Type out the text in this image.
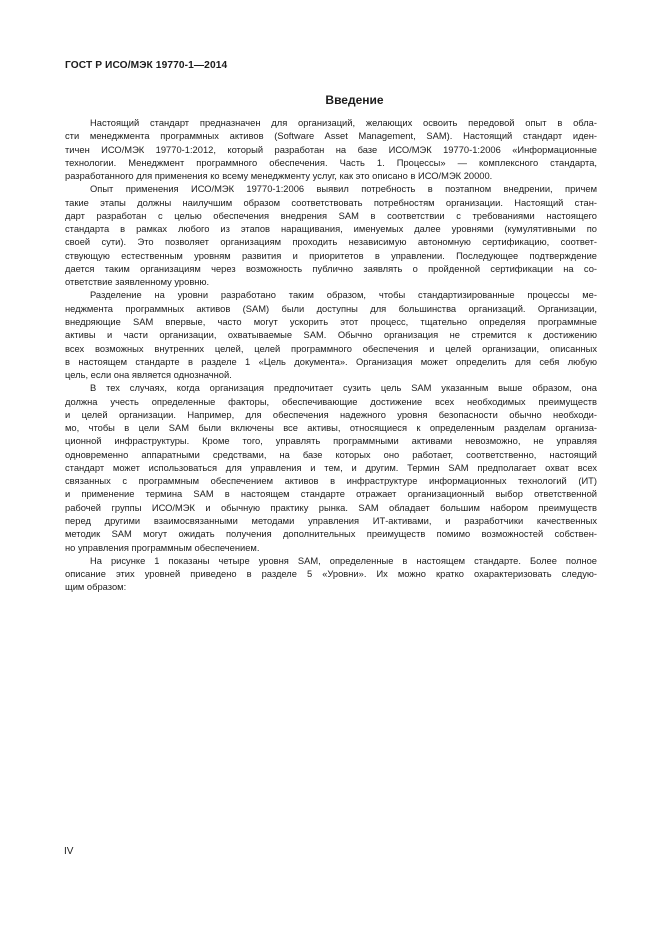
ГОСТ Р ИСО/МЭК 19770-1—2014
Введение
Настоящий стандарт предназначен для организаций, желающих освоить передовой опыт в обла-
сти менеджмента программных активов (Software Asset Management, SAM). Настоящий стандарт иден-
тичен ИСО/МЭК 19770-1:2012, который разработан на базе ИСО/МЭК 19770-1:2006 «Информационные
технологии. Менеджмент программного обеспечения. Часть 1. Процессы» — комплексного стандарта,
разработанного для применения ко всему менеджменту услуг, как это описано в ИСО/МЭК 20000.
Опыт применения ИСО/МЭК 19770-1:2006 выявил потребность в поэтапном внедрении, причем
такие этапы должны наилучшим образом соответствовать потребностям организации. Настоящий стан-
дарт разработан с целью обеспечения внедрения SAM в соответствии с требованиями настоящего
стандарта в рамках любого из этапов наращивания, именуемых далее уровнями (кумулятивными по
своей сути). Это позволяет организациям проходить независимую автономную сертификацию, соответ-
ствующую естественным уровням развития и приоритетов в управлении. Последующее подтверждение
дается таким организациям через возможность публично заявлять о пройденной сертификации на со-
ответствие заявленному уровню.
Разделение на уровни разработано таким образом, чтобы стандартизированные процессы ме-
неджмента программных активов (SAM) были доступны для большинства организаций. Организации,
внедряющие SAM впервые, часто могут ускорить этот процесс, тщательно определяя программные
активы и части организации, охватываемые SAM. Обычно организация не стремится к достижению
всех возможных внутренних целей, целей программного обеспечения и целей организации, описанных
в настоящем стандарте в разделе 1 «Цель документа». Организация может определить для себя любую
цель, если она является однозначной.
В тех случаях, когда организация предпочитает сузить цель SAM указанным выше образом, она
должна учесть определенные факторы, обеспечивающие достижение всех необходимых преимуществ
и целей организации. Например, для обеспечения надежного уровня безопасности обычно необходи-
мо, чтобы в цели SAM были включены все активы, относящиеся к определенным разделам организа-
ционной инфраструктуры. Кроме того, управлять программными активами невозможно, не управляя
одновременно аппаратными средствами, на базе которых оно работает, соответственно, настоящий
стандарт может использоваться для управления и тем, и другим. Термин SAM предполагает охват всех
связанных с программным обеспечением активов в инфраструктуре информационных технологий (ИТ)
и применение термина SAM в настоящем стандарте отражает организационный выбор ответственной
рабочей группы ИСО/МЭК и обычную практику рынка. SAM обладает большим набором преимуществ
перед другими взаимосвязанными методами управления ИТ-активами, и разработчики качественных
методик SAM могут ожидать получения дополнительных преимуществ помимо возможностей собствен-
но управления программным обеспечением.
На рисунке 1 показаны четыре уровня SAM, определенные в настоящем стандарте. Более полное
описание этих уровней приведено в разделе 5 «Уровни». Их можно кратко охарактеризовать следую-
щим образом:
IV
